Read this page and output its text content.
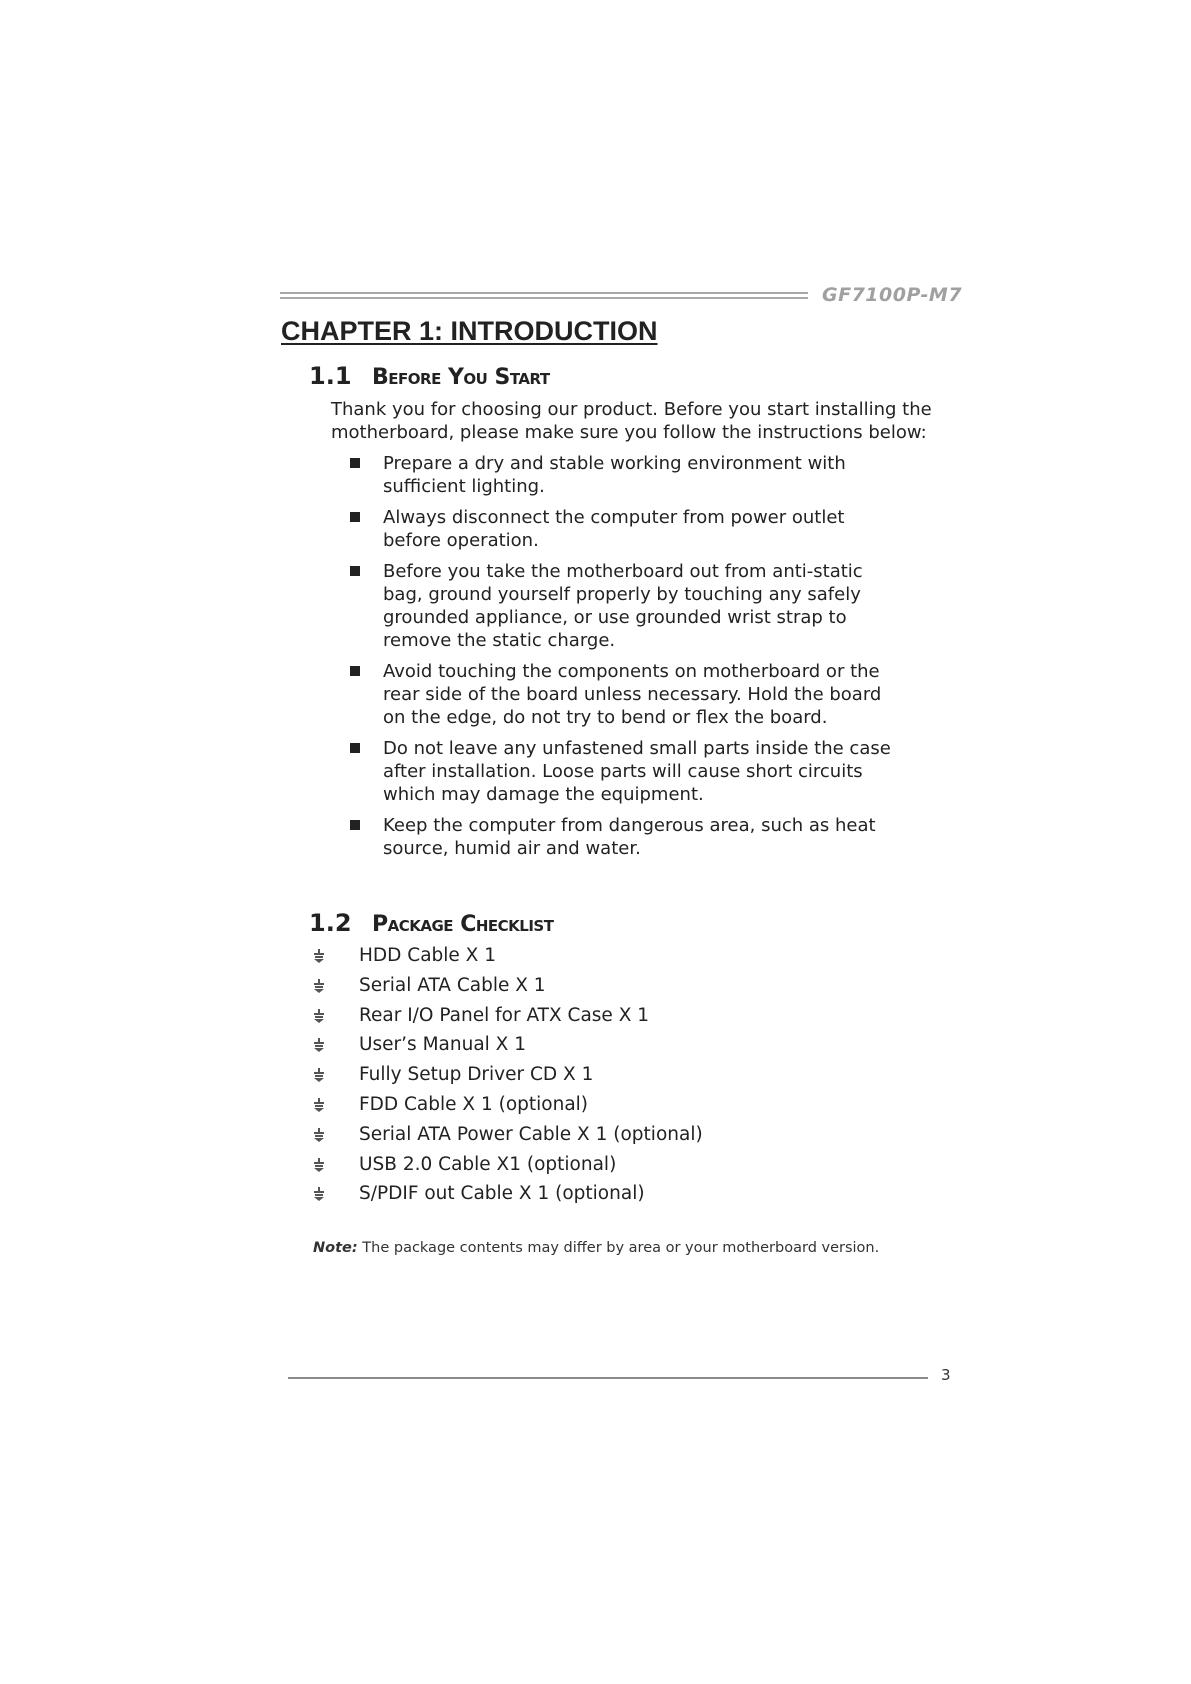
GF7100P-M7
CHAPTER 1: INTRODUCTION
1.1 Before You Start

Thank you for choosing our product. Before you start installing the motherboard, please make sure you follow the instructions below:

Prepare a dry and stable working environment with sufficient lighting.
Always disconnect the computer from power outlet before operation.
Before you take the motherboard out from anti-static bag, ground yourself properly by touching any safely grounded appliance, or use grounded wrist strap to remove the static charge.
Avoid touching the components on motherboard or the rear side of the board unless necessary. Hold the board on the edge, do not try to bend or flex the board.
Do not leave any unfastened small parts inside the case after installation. Loose parts will cause short circuits which may damage the equipment.
Keep the computer from dangerous area, such as heat source, humid air and water.
1.2 Package Checklist
HDD Cable X 1
Serial ATA Cable X 1
Rear I/O Panel for ATX Case X 1
User’s Manual X 1
Fully Setup Driver CD X 1
FDD Cable X 1 (optional)
Serial ATA Power Cable X 1 (optional)
USB 2.0 Cable X1 (optional)
S/PDIF out Cable X 1 (optional)
Note: The package contents may differ by area or your motherboard version.
3
